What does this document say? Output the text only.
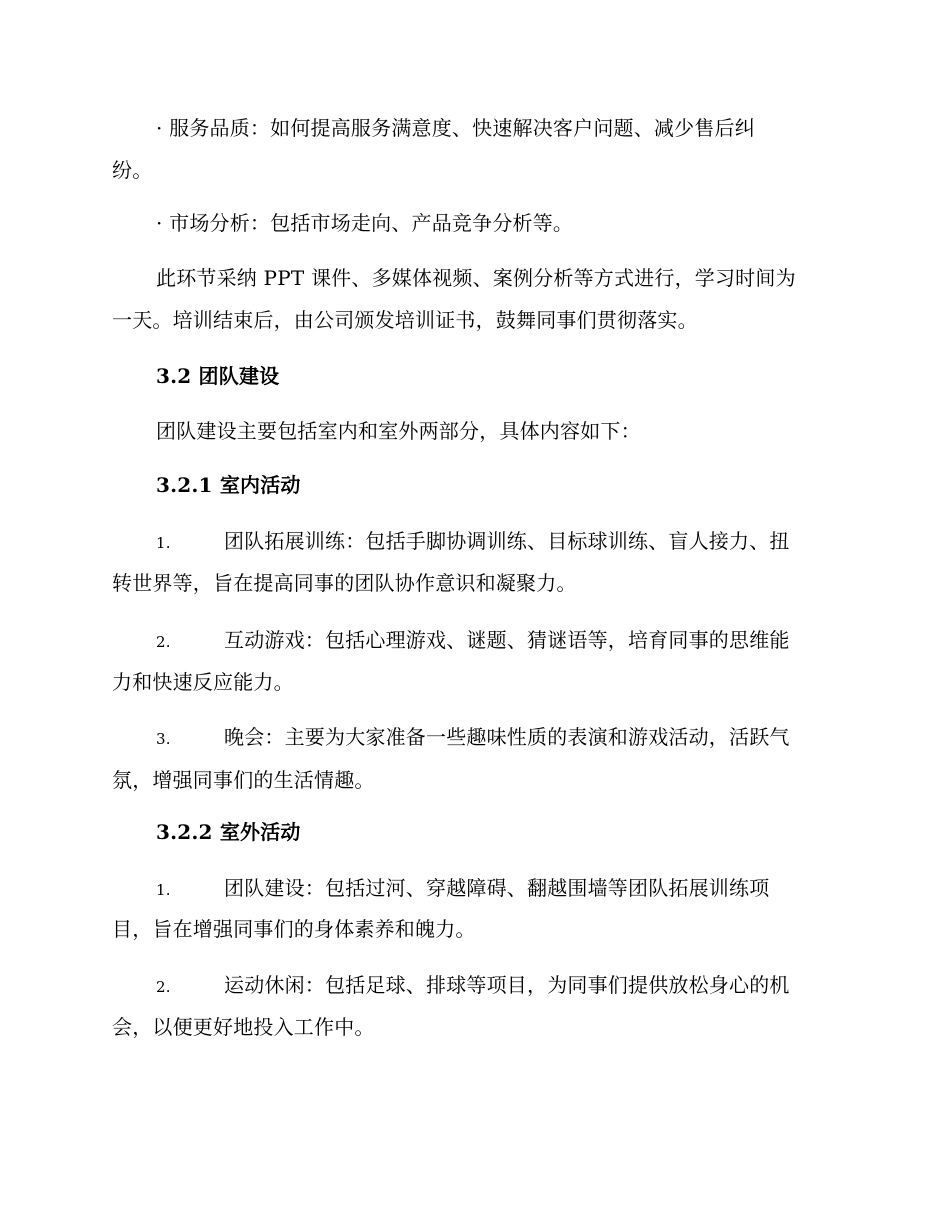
· 服务品质：如何提高服务满意度、快速解决客户问题、减少售后纠
纷。
· 市场分析：包括市场走向、产品竞争分析等。
此环节采纳 PPT 课件、多媒体视频、案例分析等方式进行，学习时间为
一天。培训结束后，由公司颁发培训证书，鼓舞同事们贯彻落实。
3.2 团队建设
团队建设主要包括室内和室外两部分，具体内容如下：
3.2.1 室内活动
1.	团队拓展训练：包括手脚协调训练、目标球训练、盲人接力、扭
转世界等，旨在提高同事的团队协作意识和凝聚力。
2.	互动游戏：包括心理游戏、谜题、猜谜语等，培育同事的思维能
力和快速反应能力。
3.	晚会：主要为大家准备一些趣味性质的表演和游戏活动，活跃气
氛，增强同事们的生活情趣。
3.2.2 室外活动
1.	团队建设：包括过河、穿越障碍、翻越围墙等团队拓展训练项
目，旨在增强同事们的身体素养和魄力。
2.	运动休闲：包括足球、排球等项目，为同事们提供放松身心的机
会，以便更好地投入工作中。
